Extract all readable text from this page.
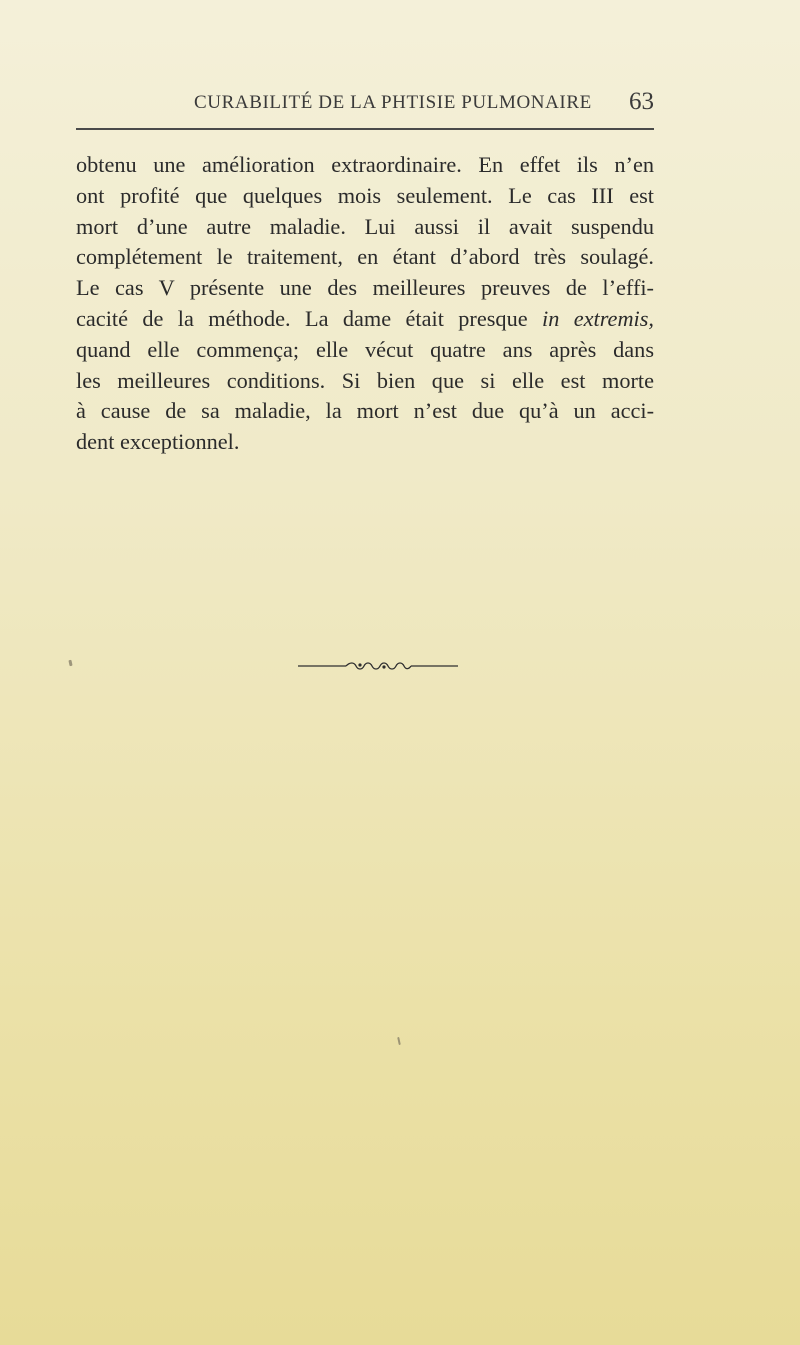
CURABILITÉ DE LA PHTISIE PULMONAIRE 63

obtenu une amélioration extraordinaire. En effet ils n’en
ont profité que quelques mois seulement. Le cas III est
mort d’une autre maladie. Lui aussi il avait suspendu
complétement le traitement, en étant d’abord très soulagé.
Le cas V présente une des meilleures preuves de l’effi-
cacité de la méthode. La dame était presque in extremis,
quand elle commença; elle vécut quatre ans après dans
les meilleures conditions. Si bien que si elle est morte
à cause de sa maladie, la mort n’est due qu’à un acci-
dent exceptionnel.
